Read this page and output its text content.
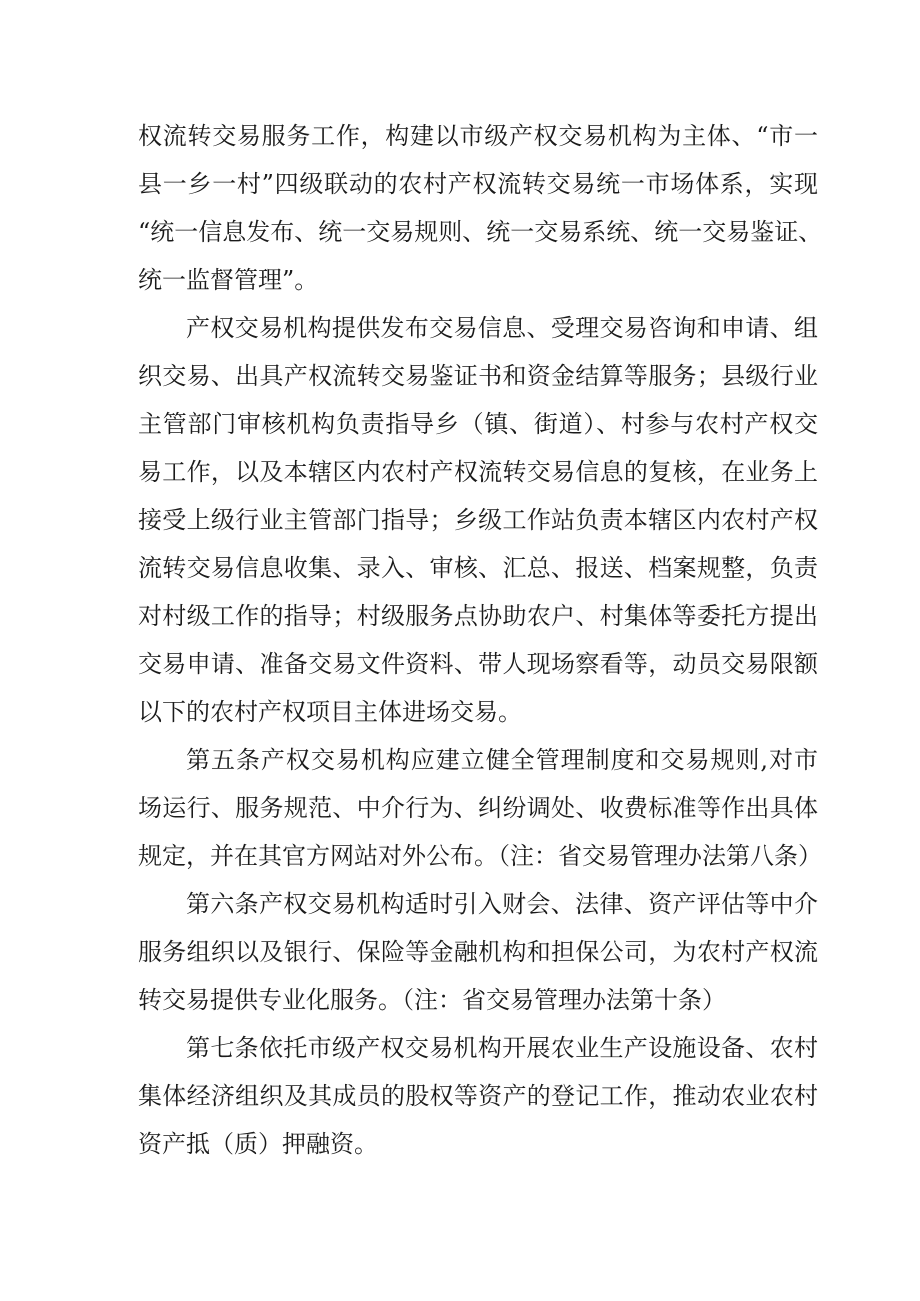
权流转交易服务工作，构建以市级产权交易机构为主体、“市一
县一乡一村”四级联动的农村产权流转交易统一市场体系，实现
“统一信息发布、统一交易规则、统一交易系统、统一交易鉴证、
统一监督管理”。
产权交易机构提供发布交易信息、受理交易咨询和申请、组
织交易、出具产权流转交易鉴证书和资金结算等服务；县级行业
主管部门审核机构负责指导乡（镇、街道）、村参与农村产权交
易工作，以及本辖区内农村产权流转交易信息的复核，在业务上
接受上级行业主管部门指导；乡级工作站负责本辖区内农村产权
流转交易信息收集、录入、审核、汇总、报送、档案规整，负责
对村级工作的指导；村级服务点协助农户、村集体等委托方提出
交易申请、准备交易文件资料、带人现场察看等，动员交易限额
以下的农村产权项目主体进场交易。
第五条产权交易机构应建立健全管理制度和交易规则,对市
场运行、服务规范、中介行为、纠纷调处、收费标准等作出具体
规定，并在其官方网站对外公布。（注：省交易管理办法第八条）
第六条产权交易机构适时引入财会、法律、资产评估等中介
服务组织以及银行、保险等金融机构和担保公司，为农村产权流
转交易提供专业化服务。（注：省交易管理办法第十条）
第七条依托市级产权交易机构开展农业生产设施设备、农村
集体经济组织及其成员的股权等资产的登记工作，推动农业农村
资产抵（质）押融资。
